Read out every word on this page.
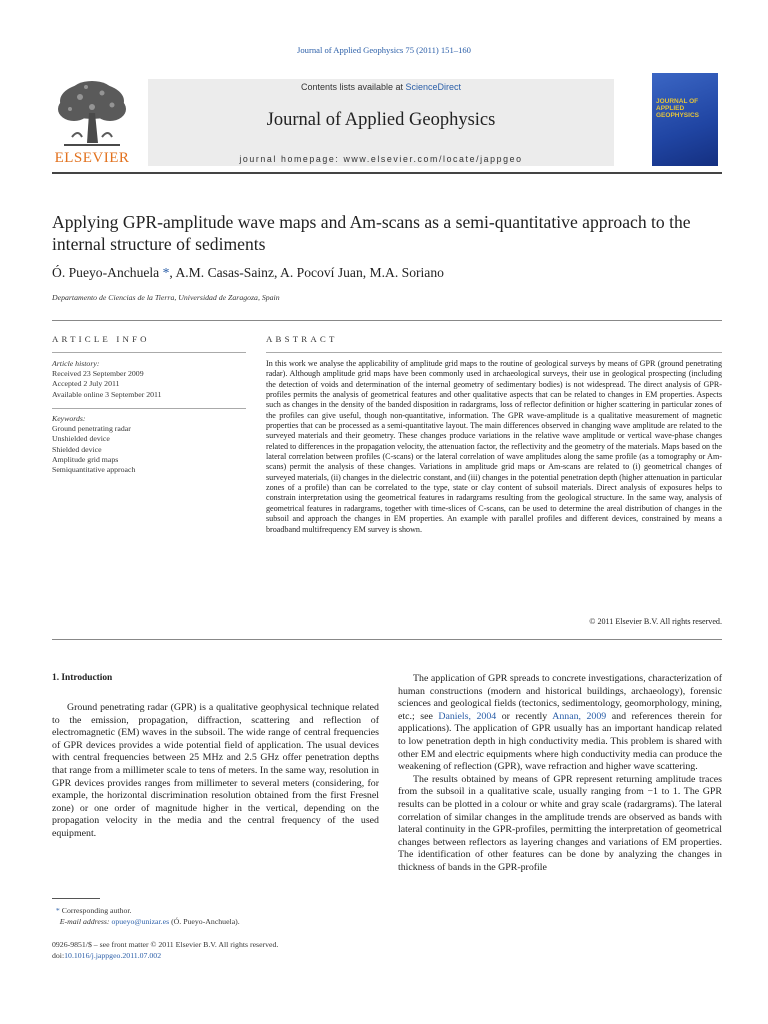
Journal of Applied Geophysics 75 (2011) 151–160
Contents lists available at ScienceDirect
Journal of Applied Geophysics
journal homepage: www.elsevier.com/locate/jappgeo
ELSEVIER
JOURNAL OF APPLIED GEOPHYSICS
Applying GPR-amplitude wave maps and Am-scans as a semi-quantitative approach to the internal structure of sediments
Ó. Pueyo-Anchuela *, A.M. Casas-Sainz, A. Pocoví Juan, M.A. Soriano
Departamento de Ciencias de la Tierra, Universidad de Zaragoza, Spain
ARTICLE INFO	ABSTRACT
Article history:
Received 23 September 2009
Accepted 2 July 2011
Available online 3 September 2011
Keywords:
Ground penetrating radar
Unshielded device
Shielded device
Amplitude grid maps
Semiquantitative approach
In this work we analyse the applicability of amplitude grid maps to the routine of geological surveys by means of GPR (ground penetrating radar). Although amplitude grid maps have been commonly used in archaeological surveys, their use in geological prospecting (including the detection of voids and determination of the internal geometry of sedimentary bodies) is not widespread. The direct analysis of GPR-profiles permits the analysis of geometrical features and other qualitative aspects that can be related to changes in EM properties. Aspects such as changes in the density of the banded disposition in radargrams, loss of reflector definition or higher scattering in particular zones of the profiles can give useful, though non-quantitative, information. The GPR wave-amplitude is a qualitative measurement of magnetic properties that can be processed as a semi-quantitative layout. The main differences observed in changing wave amplitude are related to the surveyed materials and their geometry. These changes produce variations in the relative wave amplitude or vertical wave-phase changes related to differences in the propagation velocity, the attenuation factor, the reflectivity and the geometry of the materials. Maps based on the lateral correlation between profiles (C-scans) or the lateral correlation of wave amplitudes along the same profile (as a tomography or Am-scans) permit the analysis of these changes. Variations in amplitude grid maps or Am-scans are related to (i) geometrical changes of surveyed materials, (ii) changes in the dielectric constant, and (iii) changes in the potential penetration depth (higher attenuation in particular zones of a profile) than can be correlated to the type, state or clay content of subsoil materials. Direct analysis of exposures helps to constrain interpretation using the geometrical features in radargrams resulting from the geological structure. In the same way, analysis of geometrical features in radargrams, together with time-slices of C-scans, can be used to determine the areal distribution of changes in the subsoil and approach the changes in EM properties. An example with parallel profiles and different devices, constrained by means a broadband multifrequency EM survey is shown.
© 2011 Elsevier B.V. All rights reserved.
1. Introduction
Ground penetrating radar (GPR) is a qualitative geophysical technique related to the emission, propagation, diffraction, scattering and reflection of electromagnetic (EM) waves in the subsoil. The wide range of central frequencies of GPR devices provides a wide potential field of application. The usual devices with central frequencies between 25 MHz and 2.5 GHz offer penetration depths that range from a millimeter scale to tens of meters. In the same way, resolution in GPR devices provides ranges from millimeter to several meters (considering, for example, the horizontal discrimination resolution obtained from the first Fresnel zone) or one order of magnitude higher in the vertical, depending on the propagation velocity in the media and the central frequency of the used equipment.

The application of GPR spreads to concrete investigations, characterization of human constructions (modern and historical buildings, archaeology), forensic sciences and geological fields (tectonics, sedimentology, geomorphology, mining, etc.; see Daniels, 2004 or recently Annan, 2009 and references therein for applications). The application of GPR usually has an important handicap related to low penetration depth in high conductivity media. This problem is shared with other EM and electric equipments where high conductivity media can produce the weakening of reflection (GPR), wave refraction and higher wave scattering.

The results obtained by means of GPR represent returning amplitude traces from the subsoil in a qualitative scale, usually ranging from −1 to 1. The GPR results can be plotted in a colour or white and gray scale (radargrams). The lateral correlation of similar changes in the amplitude trends are observed as bands with lateral continuity in the GPR-profiles, permitting the interpretation of geometrical changes between reflectors as layering changes and variations of EM properties. The identification of other features can be done by analyzing the changes in thickness of bands in the GPR-profile

* Corresponding author.
E-mail address: opueyo@unizar.es (Ó. Pueyo-Anchuela).
0926-9851/$ – see front matter © 2011 Elsevier B.V. All rights reserved.
doi:10.1016/j.jappgeo.2011.07.002
